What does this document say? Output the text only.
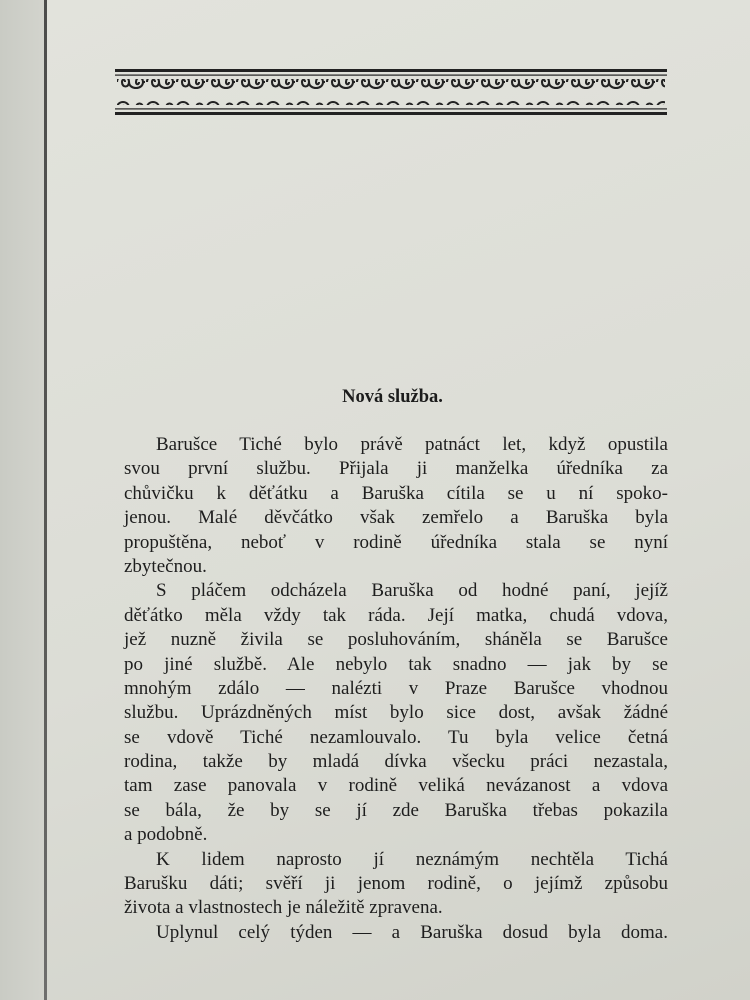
Nová služba.
Barušce Tiché bylo právě patnáct let, když opustila
svou první službu. Přijala ji manželka úředníka za
chůvičku k děťátku a Baruška cítila se u ní spoko-
jenou. Malé děvčátko však zemřelo a Baruška byla
propuštěna, neboť v rodině úředníka stala se nyní
zbytečnou.
S pláčem odcházela Baruška od hodné paní, jejíž
děťátko měla vždy tak ráda. Její matka, chudá vdova,
jež nuzně živila se posluhováním, sháněla se Barušce
po jiné službě. Ale nebylo tak snadno — jak by se
mnohým zdálo — nalézti v Praze Barušce vhodnou
službu. Uprázdněných míst bylo sice dost, avšak žádné
se vdově Tiché nezamlouvalo. Tu byla velice četná
rodina, takže by mladá dívka všecku práci nezastala,
tam zase panovala v rodině veliká nevázanost a vdova
se bála, že by se jí zde Baruška třebas pokazila
a podobně.
K lidem naprosto jí neznámým nechtěla Tichá
Barušku dáti; svěří ji jenom rodině, o jejímž způsobu
života a vlastnostech je náležitě zpravena.
Uplynul celý týden — a Baruška dosud byla doma.
